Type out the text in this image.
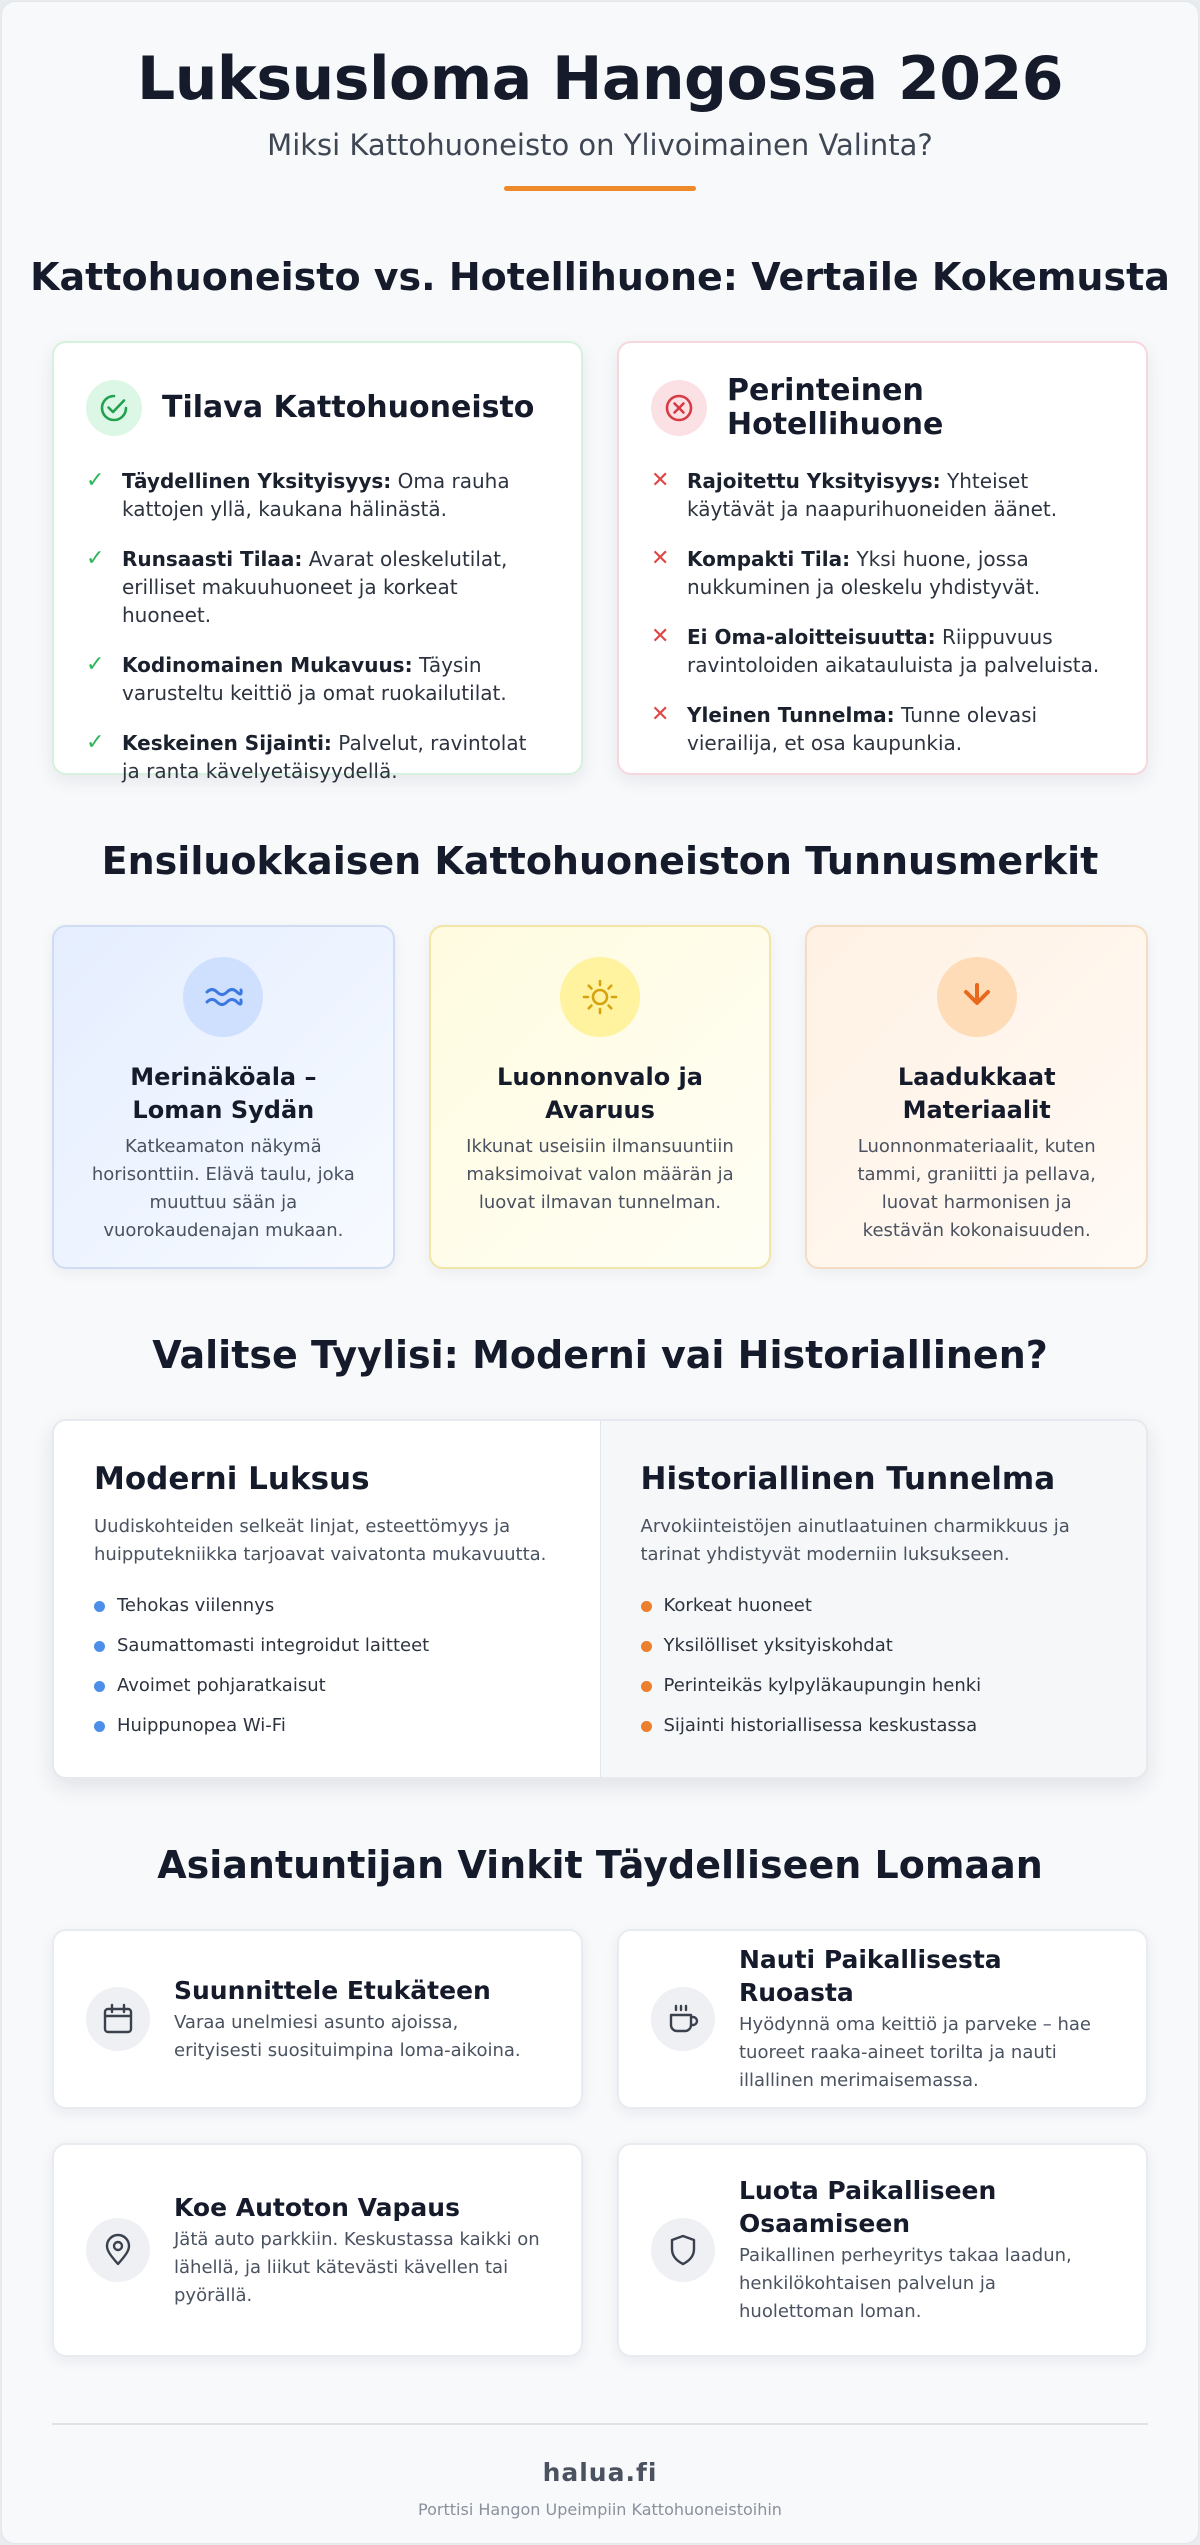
Luksusloma Hangossa 2026

Miksi Kattohuoneisto on Ylivoimainen Valinta?

Kattohuoneisto vs. Hotellihuone: Vertaile Kokemusta
Tilava Kattohuoneisto
✓ Täydellinen Yksityisyys: Oma rauha kattojen yllä, kaukana hälinästä.
✓ Runsaasti Tilaa: Avarat oleskelutilat, erilliset makuuhuoneet ja korkeat huoneet.
✓ Kodinomainen Mukavuus: Täysin varusteltu keittiö ja omat ruokailutilat.
✓ Keskeinen Sijainti: Palvelut, ravintolat ja ranta kävelyetäisyydellä.
Perinteinen Hotellihuone
✕ Rajoitettu Yksityisyys: Yhteiset käytävät ja naapurihuoneiden äänet.
✕ Kompakti Tila: Yksi huone, jossa nukkuminen ja oleskelu yhdistyvät.
✕ Ei Oma-aloitteisuutta: Riippuvuus ravintoloiden aikatauluista ja palveluista.
✕ Yleinen Tunnelma: Tunne olevasi vierailija, et osa kaupunkia.
Ensiluokkaisen Kattohuoneiston Tunnusmerkit
Merinäköala – Loman Sydän

Katkeamaton näkymä horisonttiin. Elävä taulu, joka muuttuu sään ja vuorokaudenajan mukaan.

Luonnonvalo ja Avaruus

Ikkunat useisiin ilmansuuntiin maksimoivat valon määrän ja luovat ilmavan tunnelman.

Laadukkaat Materiaalit

Luonnonmateriaalit, kuten tammi, graniitti ja pellava, luovat harmonisen ja kestävän kokonaisuuden.

Valitse Tyylisi: Moderni vai Historiallinen?
Moderni Luksus

Uudiskohteiden selkeät linjat, esteettömyys ja huipputekniikka tarjoavat vaivatonta mukavuutta.

Tehokas viilennys
Saumattomasti integroidut laitteet
Avoimet pohjaratkaisut
Huippunopea Wi-Fi
Historiallinen Tunnelma

Arvokiinteistöjen ainutlaatuinen charmikkuus ja tarinat yhdistyvät moderniin luksukseen.

Korkeat huoneet
Yksilölliset yksityiskohdat
Perinteikäs kylpyläkaupungin henki
Sijainti historiallisessa keskustassa
Asiantuntijan Vinkit Täydelliseen Lomaan
Suunnittele Etukäteen

Varaa unelmiesi asunto ajoissa, erityisesti suosituimpina loma-aikoina.

Nauti Paikallisesta Ruoasta

Hyödynnä oma keittiö ja parveke – hae tuoreet raaka-aineet torilta ja nauti illallinen merimaisemassa.

Koe Autoton Vapaus

Jätä auto parkkiin. Keskustassa kaikki on lähellä, ja liikut kätevästi kävellen tai pyörällä.

Luota Paikalliseen Osaamiseen

Paikallinen perheyritys takaa laadun, henkilökohtaisen palvelun ja huolettoman loman.

halua.fi
Porttisi Hangon Upeimpiin Kattohuoneistoihin
